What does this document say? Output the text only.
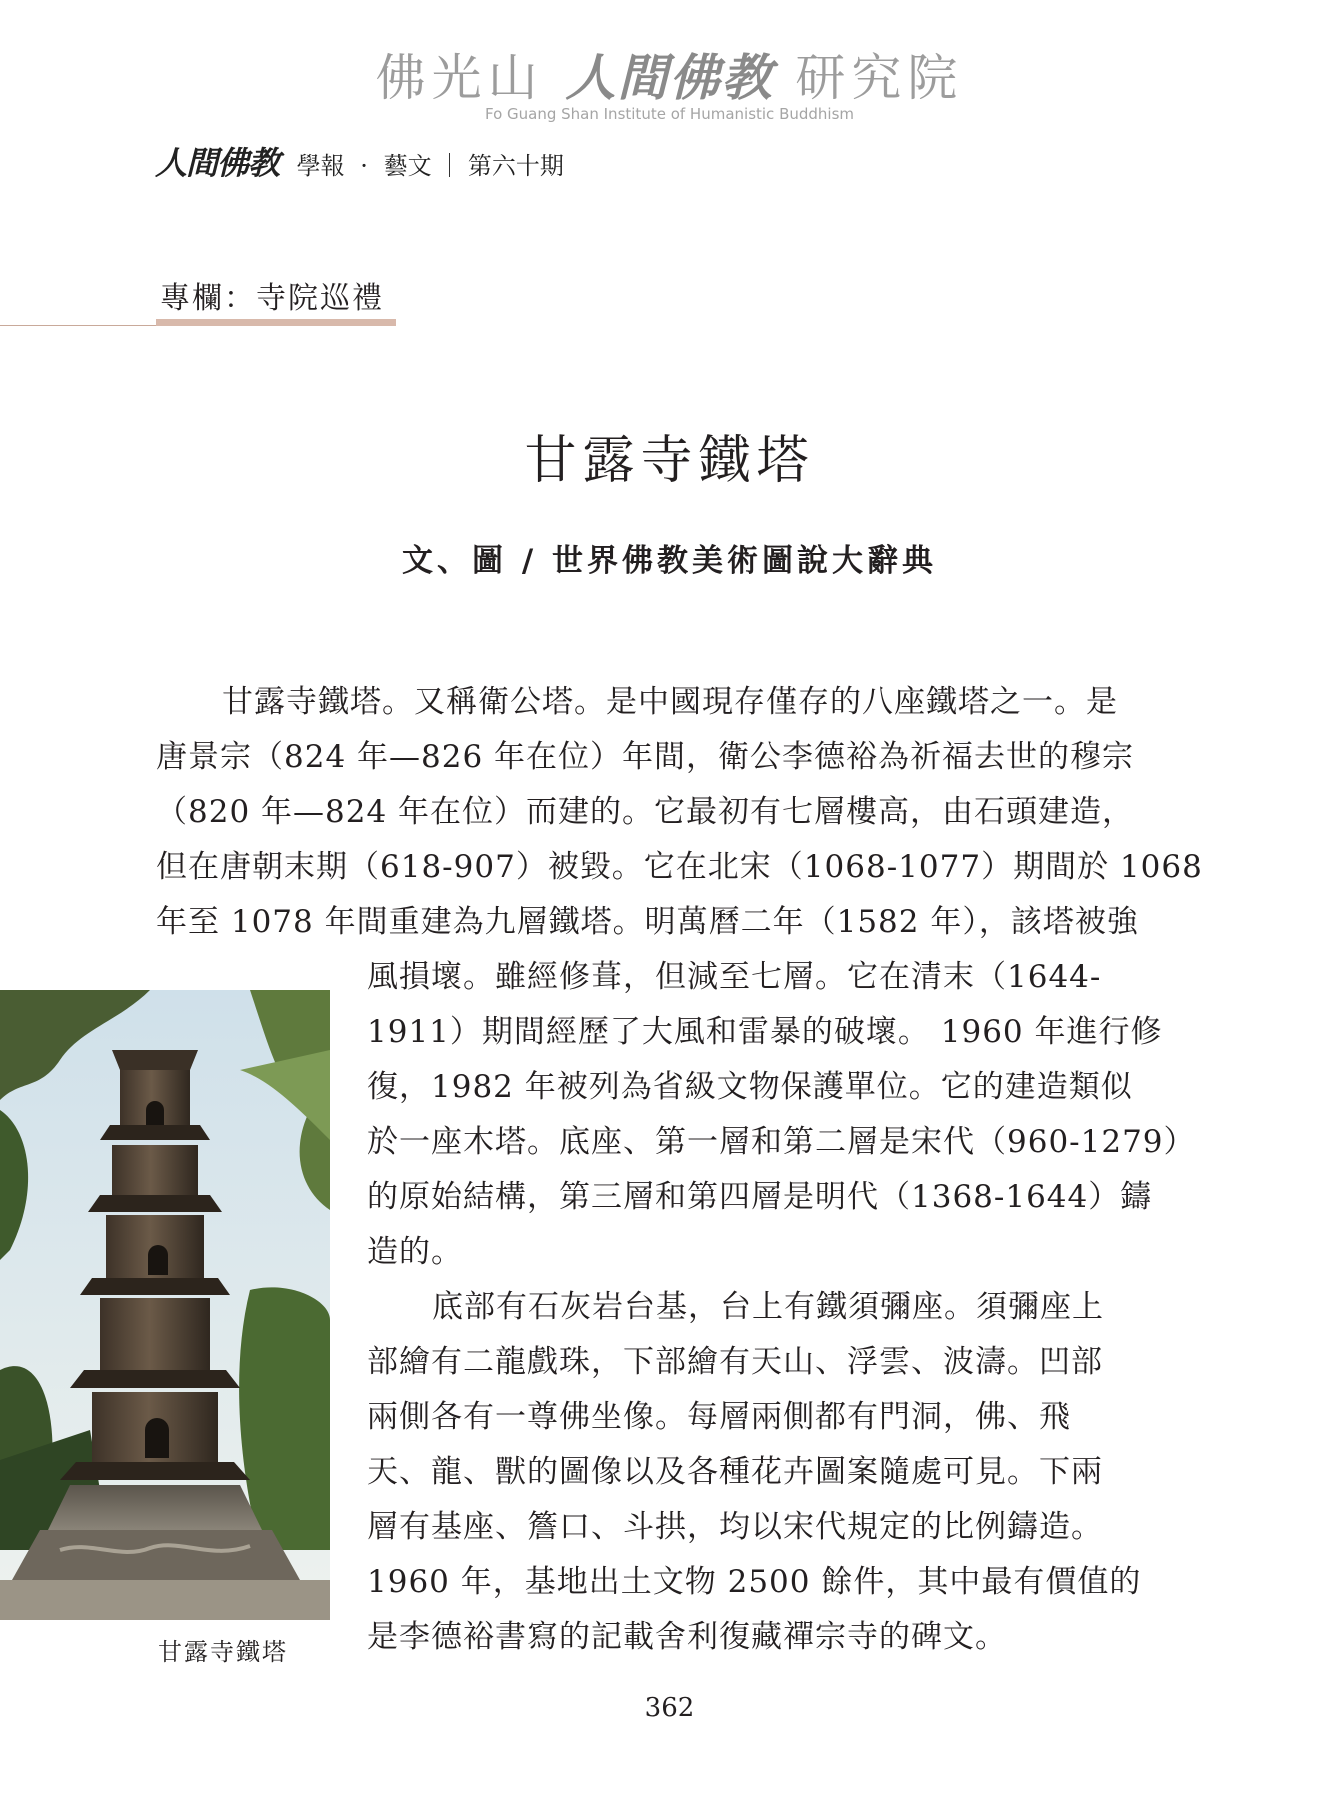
佛光山 人間佛教 研究院
Fo Guang Shan Institute of Humanistic Buddhism
人間佛教 學報 · 藝文 第六十期
專欄：寺院巡禮
甘露寺鐵塔
文、圖 / 世界佛教美術圖說大辭典
甘露寺鐵塔。又稱衛公塔。是中國現存僅存的八座鐵塔之一。是
唐景宗（824 年—826 年在位）年間，衛公李德裕為祈福去世的穆宗
（820 年—824 年在位）而建的。它最初有七層樓高，由石頭建造，
但在唐朝末期（618-907）被毀。它在北宋（1068-1077）期間於 1068
年至 1078 年間重建為九層鐵塔。明萬曆二年（1582 年），該塔被強
風損壞。雖經修葺，但減至七層。它在清末（1644-
1911）期間經歷了大風和雷暴的破壞。 1960 年進行修
復，1982 年被列為省級文物保護單位。它的建造類似
於一座木塔。底座、第一層和第二層是宋代（960-1279）
的原始結構，第三層和第四層是明代（1368-1644）鑄
造的。
底部有石灰岩台基，台上有鐵須彌座。須彌座上
部繪有二龍戲珠，下部繪有天山、浮雲、波濤。凹部
兩側各有一尊佛坐像。每層兩側都有門洞，佛、飛
天、龍、獸的圖像以及各種花卉圖案隨處可見。下兩
層有基座、簷口、斗拱，均以宋代規定的比例鑄造。
1960 年，基地出土文物 2500 餘件，其中最有價值的
是李德裕書寫的記載舍利復藏禪宗寺的碑文。
甘露寺鐵塔
362
